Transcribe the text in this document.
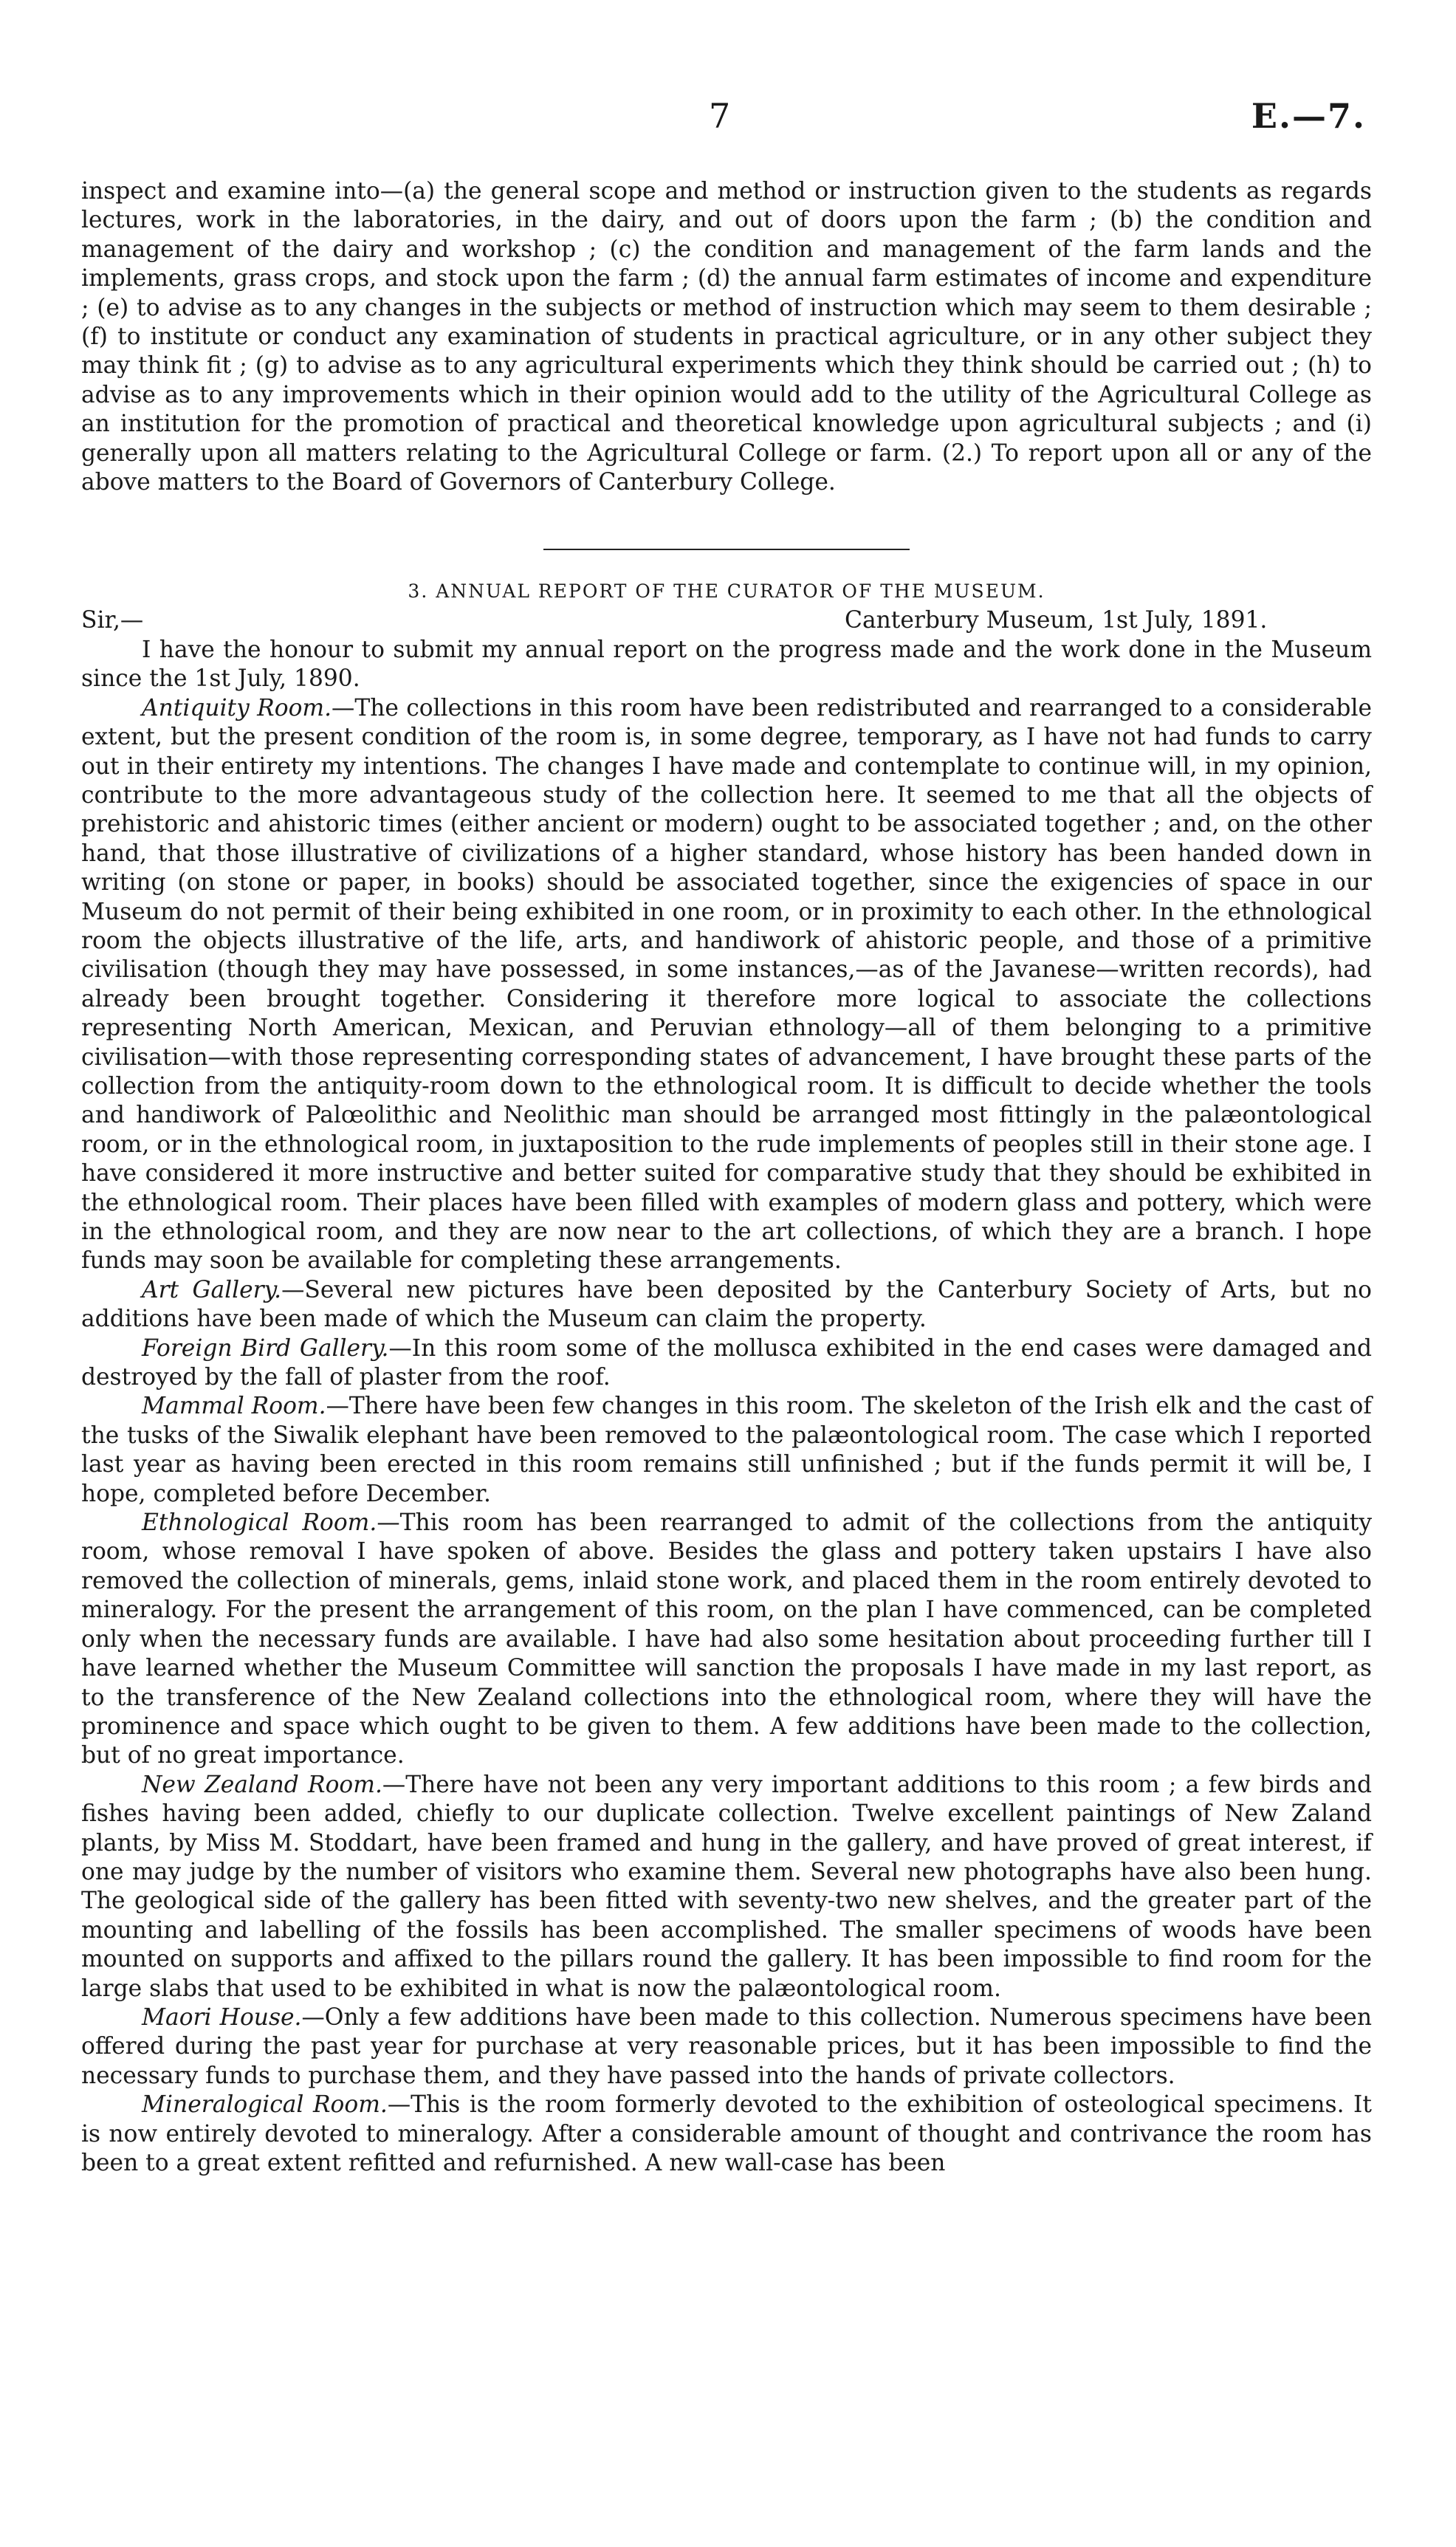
7	E.—7.

inspect and examine into—(a) the general scope and method or instruction given to the students as regards lectures, work in the laboratories, in the dairy, and out of doors upon the farm ; (b) the condition and management of the dairy and workshop ; (c) the condition and management of the farm lands and the implements, grass crops, and stock upon the farm ; (d) the annual farm estimates of income and expenditure ; (e) to advise as to any changes in the subjects or method of instruction which may seem to them desirable ; (f) to institute or conduct any examination of students in practical agriculture, or in any other subject they may think fit ; (g) to advise as to any agricultural experiments which they think should be carried out ; (h) to advise as to any improvements which in their opinion would add to the utility of the Agricultural College as an institution for the promotion of practical and theoretical knowledge upon agricultural subjects ; and (i) generally upon all matters relating to the Agricultural College or farm. (2.) To report upon all or any of the above matters to the Board of Governors of Canterbury College.

3. ANNUAL REPORT OF THE CURATOR OF THE MUSEUM.

Sir,—	Canterbury Museum, 1st July, 1891.

I have the honour to submit my annual report on the progress made and the work done in the Museum since the 1st July, 1890.

Antiquity Room.—The collections in this room have been redistributed and rearranged to a considerable extent, but the present condition of the room is, in some degree, temporary, as I have not had funds to carry out in their entirety my intentions. The changes I have made and contemplate to continue will, in my opinion, contribute to the more advantageous study of the collection here. It seemed to me that all the objects of prehistoric and ahistoric times (either ancient or modern) ought to be associated together ; and, on the other hand, that those illustrative of civilizations of a higher standard, whose history has been handed down in writing (on stone or paper, in books) should be associated together, since the exigencies of space in our Museum do not permit of their being exhibited in one room, or in proximity to each other. In the ethnological room the objects illustrative of the life, arts, and handiwork of ahistoric people, and those of a primitive civilisation (though they may have possessed, in some instances,—as of the Javanese—written records), had already been brought together. Considering it therefore more logical to associate the collections representing North American, Mexican, and Peruvian ethnology—all of them belonging to a primitive civilisation—with those representing corresponding states of advancement, I have brought these parts of the collection from the antiquity-room down to the ethnological room. It is difficult to decide whether the tools and handiwork of Palœolithic and Neolithic man should be arranged most fittingly in the palæontological room, or in the ethnological room, in juxtaposition to the rude implements of peoples still in their stone age. I have considered it more instructive and better suited for comparative study that they should be exhibited in the ethnological room. Their places have been filled with examples of modern glass and pottery, which were in the ethnological room, and they are now near to the art collections, of which they are a branch. I hope funds may soon be available for completing these arrangements.

Art Gallery.—Several new pictures have been deposited by the Canterbury Society of Arts, but no additions have been made of which the Museum can claim the property.

Foreign Bird Gallery.—In this room some of the mollusca exhibited in the end cases were damaged and destroyed by the fall of plaster from the roof.

Mammal Room.—There have been few changes in this room. The skeleton of the Irish elk and the cast of the tusks of the Siwalik elephant have been removed to the palæontological room. The case which I reported last year as having been erected in this room remains still unfinished ; but if the funds permit it will be, I hope, completed before December.

Ethnological Room.—This room has been rearranged to admit of the collections from the antiquity room, whose removal I have spoken of above. Besides the glass and pottery taken upstairs I have also removed the collection of minerals, gems, inlaid stone work, and placed them in the room entirely devoted to mineralogy. For the present the arrangement of this room, on the plan I have commenced, can be completed only when the necessary funds are available. I have had also some hesitation about proceeding further till I have learned whether the Museum Committee will sanction the proposals I have made in my last report, as to the transference of the New Zealand collections into the ethnological room, where they will have the prominence and space which ought to be given to them. A few additions have been made to the collection, but of no great importance.

New Zealand Room.—There have not been any very important additions to this room ; a few birds and fishes having been added, chiefly to our duplicate collection. Twelve excellent paintings of New Zaland plants, by Miss M. Stoddart, have been framed and hung in the gallery, and have proved of great interest, if one may judge by the number of visitors who examine them. Several new photographs have also been hung. The geological side of the gallery has been fitted with seventy-two new shelves, and the greater part of the mounting and labelling of the fossils has been accomplished. The smaller specimens of woods have been mounted on supports and affixed to the pillars round the gallery. It has been impossible to find room for the large slabs that used to be exhibited in what is now the palæontological room.

Maori House.—Only a few additions have been made to this collection. Numerous specimens have been offered during the past year for purchase at very reasonable prices, but it has been impossible to find the necessary funds to purchase them, and they have passed into the hands of private collectors.

Mineralogical Room.—This is the room formerly devoted to the exhibition of osteological specimens. It is now entirely devoted to mineralogy. After a considerable amount of thought and contrivance the room has been to a great extent refitted and refurnished. A new wall-case has been
